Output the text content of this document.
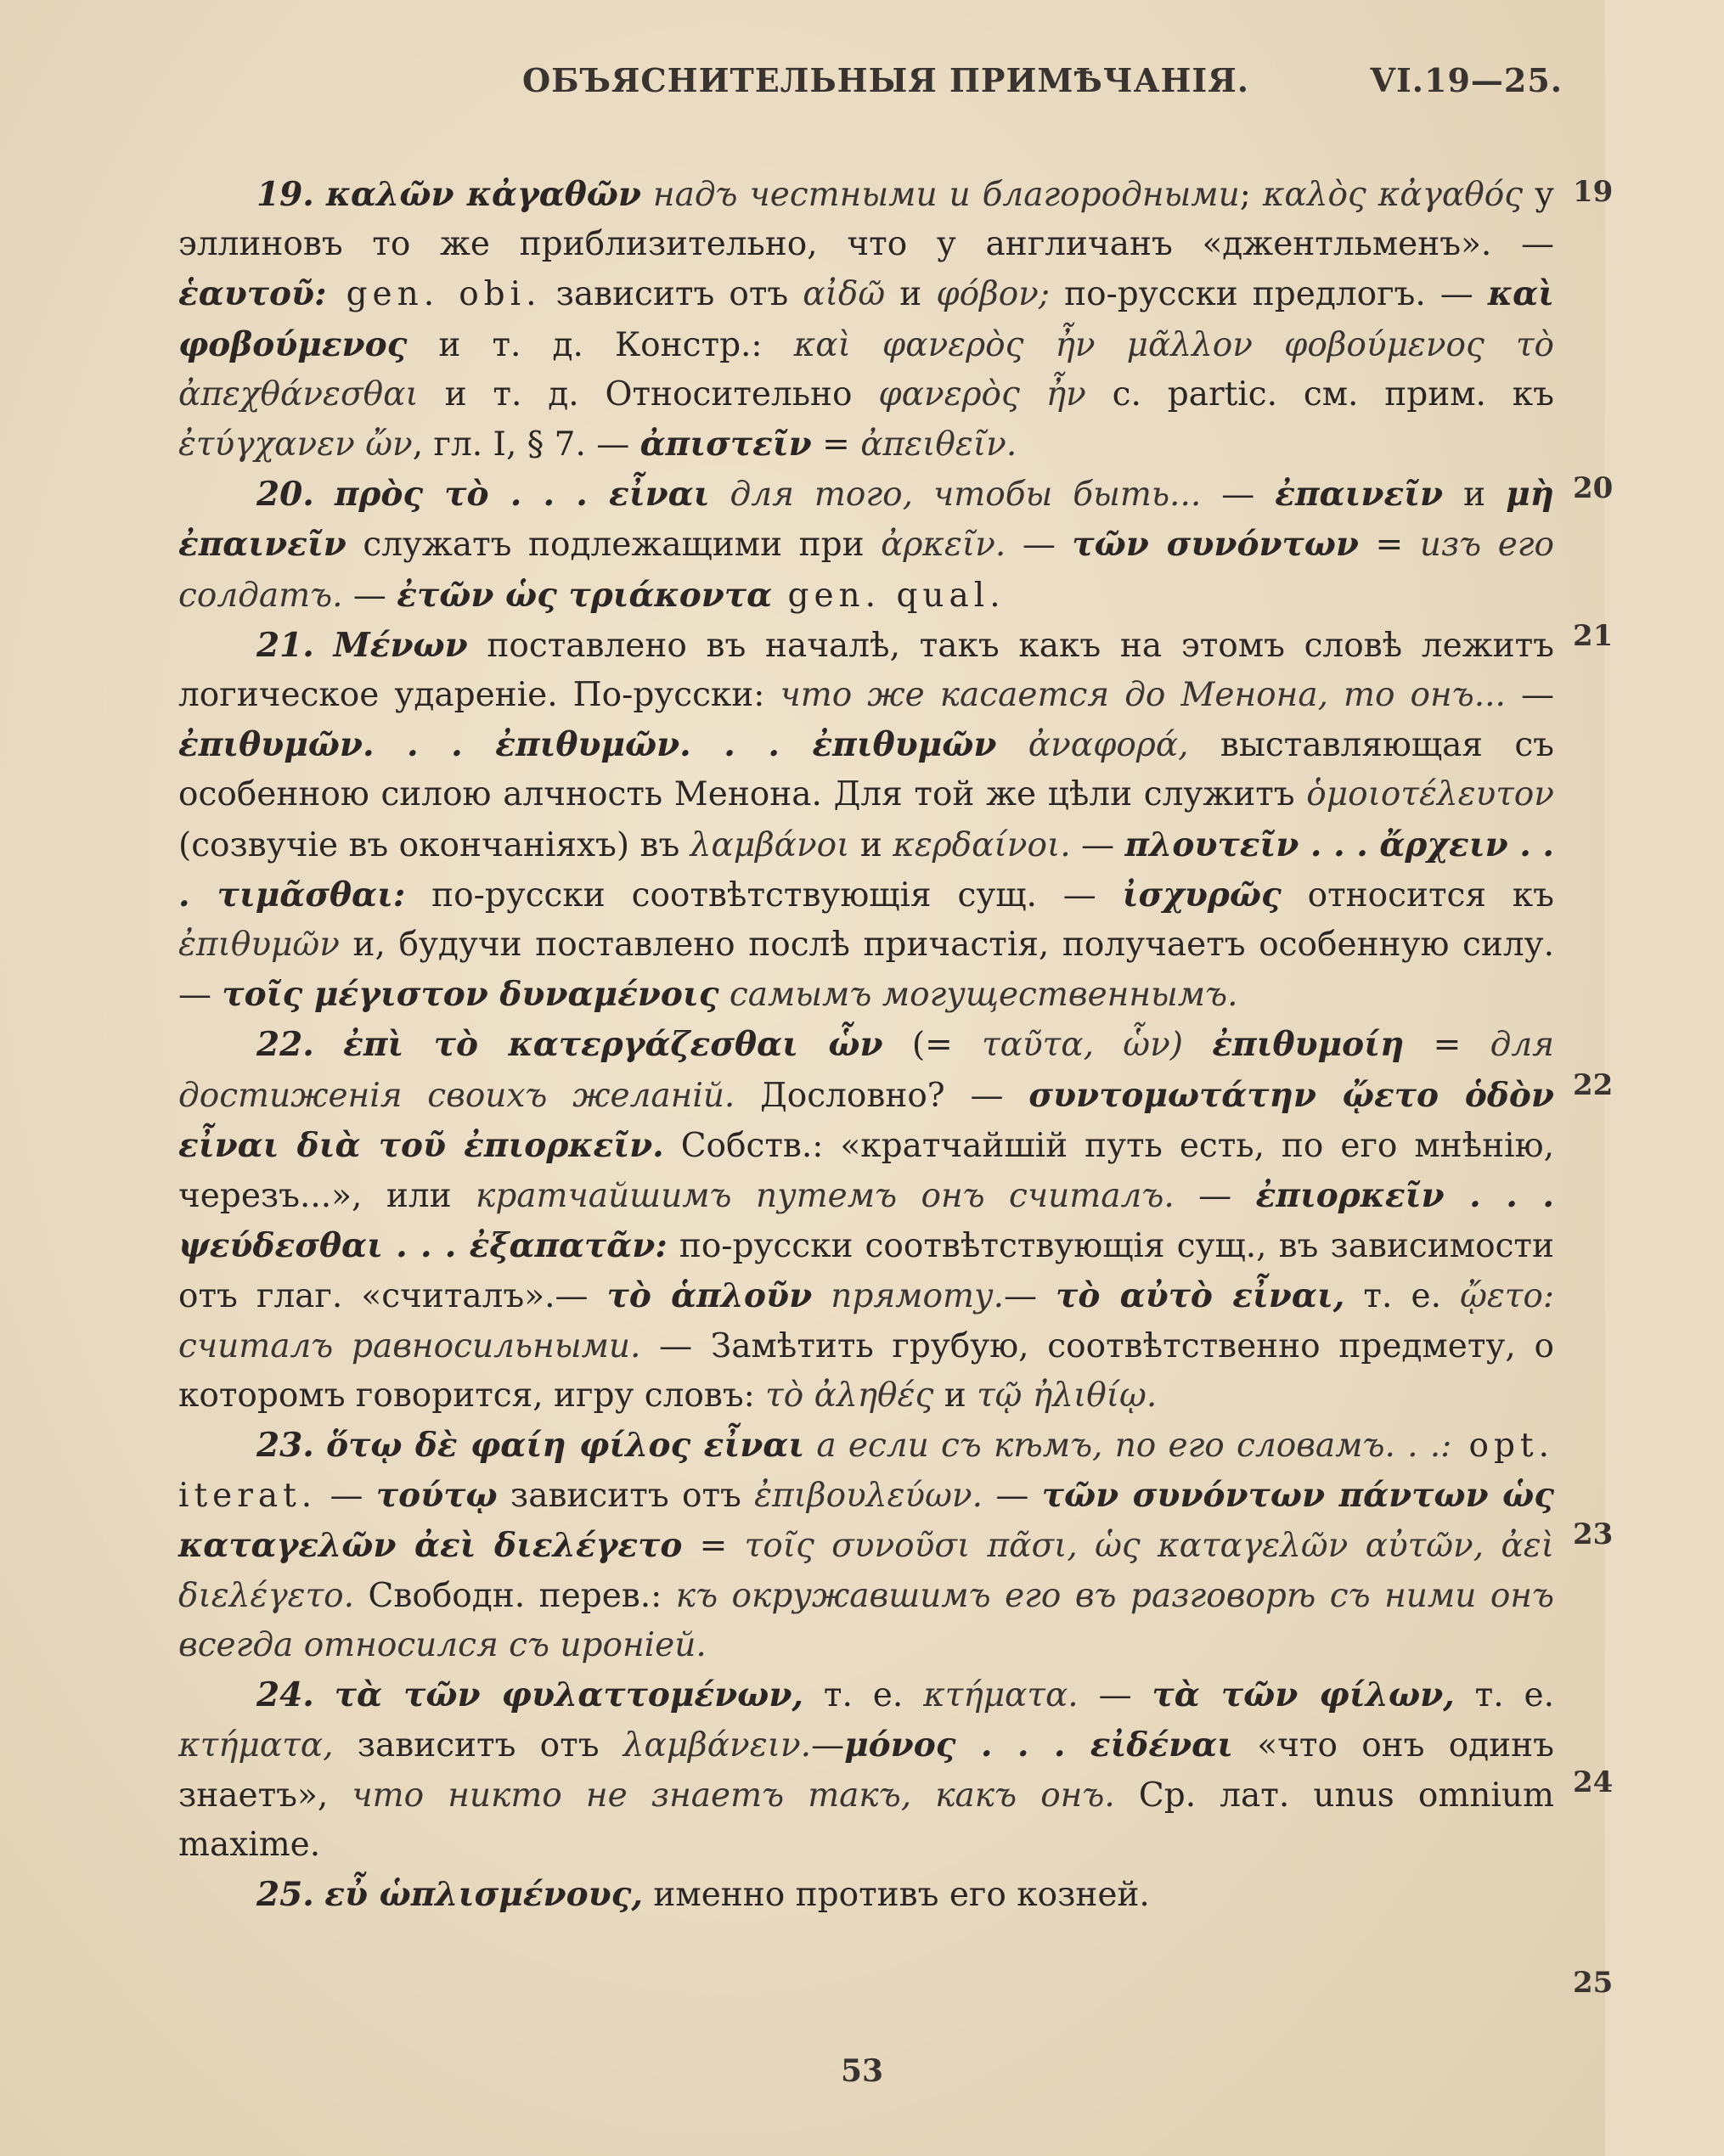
ОБЪЯСНИТЕЛЬНЫЯ ПРИМѢЧАНІЯ.	VI.19—25.

19. καλῶν κἀγαθῶν надъ честными и благородными; καλὸς κἀγαθός у эллиновъ то же приблизительно, что у англичанъ «джентльменъ». — ἑαυτοῦ: gen. obi. зависитъ отъ αἰδῶ и φόβον; по-русски предлогъ. — καὶ φοβούμενος и т. д. Констр.: καὶ φανερὸς ἦν μᾶλλον φοβούμενος τὸ ἀπεχθάνεσθαι и т. д. Относительно φανερὸς ἦν с. partic. см. прим. къ ἐτύγχανεν ὤν, гл. I, § 7. — ἀπιστεῖν = ἀπειθεῖν.

20. πρὸς τὸ . . . εἶναι для того, чтобы быть... — ἐπαινεῖν и μὴ ἐπαινεῖν служатъ подлежащими при ἀρκεῖν. — τῶν συνόντων = изъ его солдатъ. — ἐτῶν ὡς τριάκοντα gen. qual.

21. Μένων поставлено въ началѣ, такъ какъ на этомъ словѣ лежитъ логическое удареніе. По-русски: что же касается до Менона, то онъ... — ἐπιθυμῶν. . . ἐπιθυμῶν. . . ἐπιθυμῶν ἀναφορά, выставляющая съ особенною силою алчность Менона. Для той же цѣли служитъ ὁμοιοτέλευτον (созвучіе въ окончаніяхъ) въ λαμβάνοι и κερδαίνοι. — πλουτεῖν . . . ἄρχειν . . . τιμᾶσθαι: по-русски соотвѣтствующія сущ. — ἰσχυρῶς относится къ ἐπιθυμῶν и, будучи поставлено послѣ причастія, получаетъ особенную силу. — τοῖς μέγιστον δυναμένοις самымъ могущественнымъ.

22. ἐπὶ τὸ κατεργάζεσθαι ὧν (= ταῦτα, ὧν) ἐπιθυμοίη = для достиженія своихъ желаній. Дословно? — συντομωτάτην ᾤετο ὁδὸν εἶναι διὰ τοῦ ἐπιορκεῖν. Собств.: «кратчайшій путь есть, по его мнѣнію, черезъ...», или кратчайшимъ путемъ онъ считалъ. — ἐπιορκεῖν . . . ψεύδεσθαι . . . ἐξαπατᾶν: по-русски соотвѣтствующія сущ., въ зависимости отъ глаг. «считалъ».— τὸ ἁπλοῦν прямоту.— τὸ αὐτὸ εἶναι, т. е. ᾤετο: считалъ равносильными. — Замѣтить грубую, соотвѣтственно предмету, о которомъ говорится, игру словъ: τὸ ἀληθές и τῷ ἠλιθίῳ.

23. ὅτῳ δὲ φαίη φίλος εἶναι а если съ кѣмъ, по его словамъ. . .: opt. iterat. — τούτῳ зависитъ отъ ἐπιβουλεύων. — τῶν συνόντων πάντων ὡς καταγελῶν ἀεὶ διελέγετο = τοῖς συνοῦσι πᾶσι, ὡς καταγελῶν αὐτῶν, ἀεὶ διελέγετο. Свободн. перев.: къ окружавшимъ его въ разговорѣ съ ними онъ всегда относился съ ироніей.

24. τὰ τῶν φυλαττομένων, т. е. κτήματα. — τὰ τῶν φίλων, т. е. κτήματα, зависитъ отъ λαμβάνειν.—μόνος . . . εἰδέναι «что онъ одинъ знаетъ», что никто не знаетъ такъ, какъ онъ. Ср. лат. unus omnium maxime.

25. εὖ ὡπλισμένους, именно противъ его козней.

19
20
21
22
23
24
25
53
